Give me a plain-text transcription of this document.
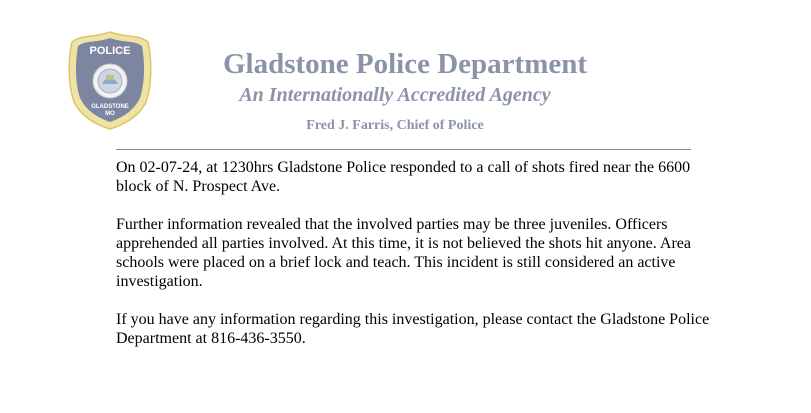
POLICE
GLADSTONE
MO
Gladstone Police Department
An Internationally Accredited Agency
Fred J. Farris, Chief of Police

On 02-07-24, at 1230hrs Gladstone Police responded to a call of shots fired near the 6600 block of N. Prospect Ave.

Further information revealed that the involved parties may be three juveniles. Officers apprehended all parties involved. At this time, it is not believed the shots hit anyone. Area schools were placed on a brief lock and teach. This incident is still considered an active investigation.

If you have any information regarding this investigation, please contact the Gladstone Police Department at 816-436-3550.
